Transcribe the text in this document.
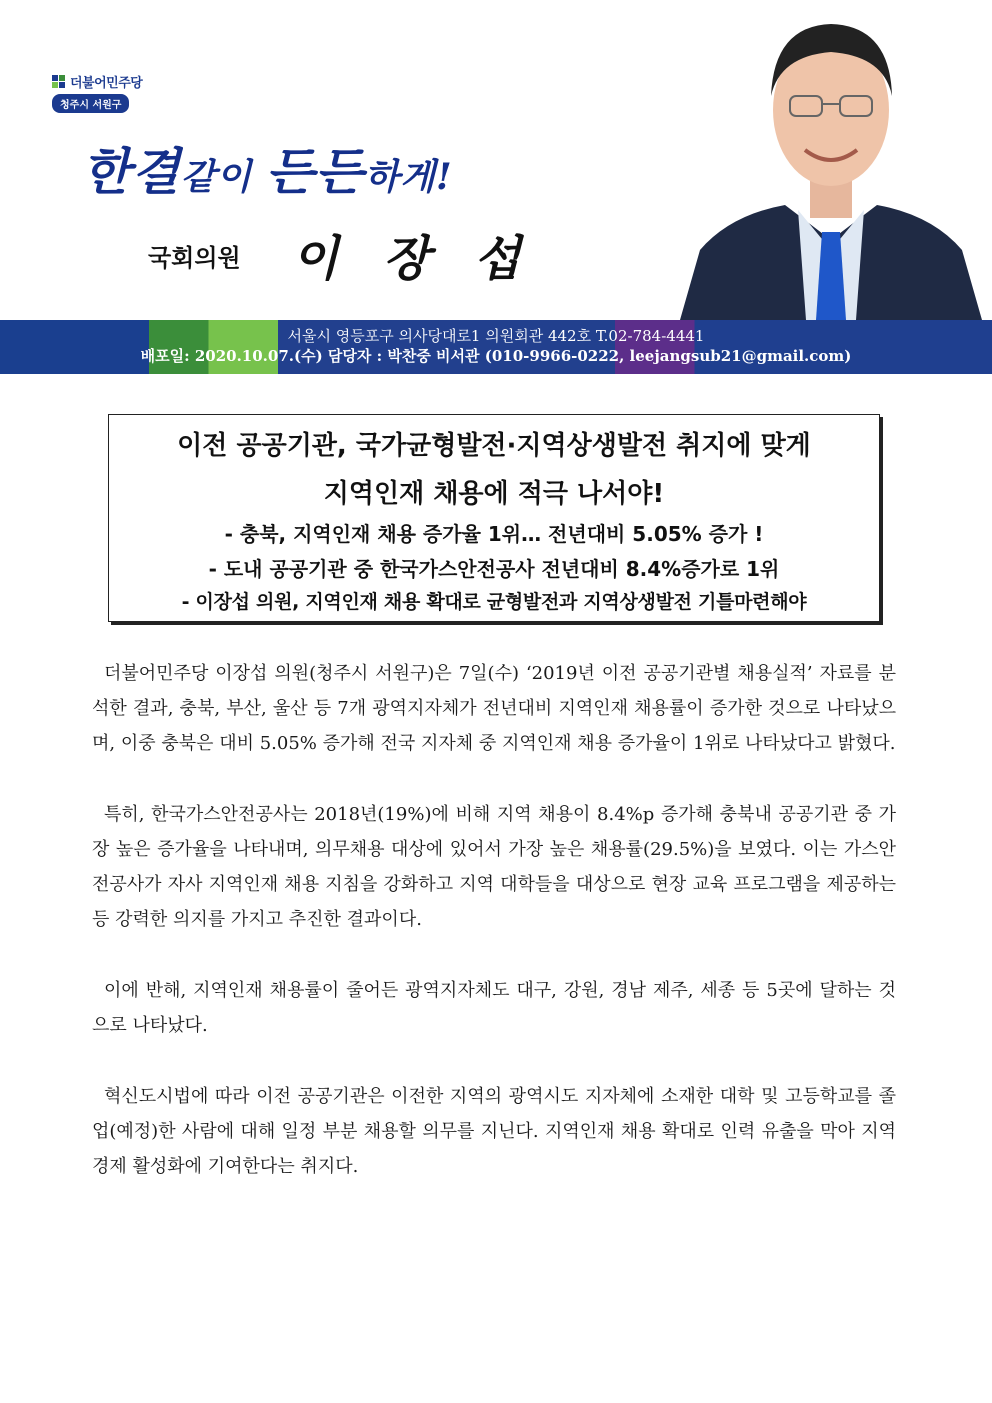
더불어민주당
청주시 서원구
한결같이 든든하게!
국회의원 이 장 섭
서울시 영등포구 의사당대로1 의원회관 442호 T.02-784-4441
배포일: 2020.10.07.(수) 담당자 : 박찬중 비서관 (010-9966-0222, leejangsub21@gmail.com)
이전 공공기관, 국가균형발전·지역상생발전 취지에 맞게
지역인재 채용에 적극 나서야!
- 충북, 지역인재 채용 증가율 1위… 전년대비 5.05% 증가 !
- 도내 공공기관 중 한국가스안전공사 전년대비 8.4%증가로 1위
- 이장섭 의원, 지역인재 채용 확대로 균형발전과 지역상생발전 기틀마련해야

더불어민주당 이장섭 의원(청주시 서원구)은 7일(수) ‘2019년 이전 공공기관별 채용실적’ 자료를 분석한 결과, 충북, 부산, 울산 등 7개 광역지자체가 전년대비 지역인재 채용률이 증가한 것으로 나타났으며, 이중 충북은 대비 5.05% 증가해 전국 지자체 중 지역인재 채용 증가율이 1위로 나타났다고 밝혔다.

특히, 한국가스안전공사는 2018년(19%)에 비해 지역 채용이 8.4%p 증가해 충북내 공공기관 중 가장 높은 증가율을 나타내며, 의무채용 대상에 있어서 가장 높은 채용률(29.5%)을 보였다. 이는 가스안전공사가 자사 지역인재 채용 지침을 강화하고 지역 대학들을 대상으로 현장 교육 프로그램을 제공하는 등 강력한 의지를 가지고 추진한 결과이다.

이에 반해, 지역인재 채용률이 줄어든 광역지자체도 대구, 강원, 경남 제주, 세종 등 5곳에 달하는 것으로 나타났다.

혁신도시법에 따라 이전 공공기관은 이전한 지역의 광역시도 지자체에 소재한 대학 및 고등학교를 졸업(예정)한 사람에 대해 일정 부분 채용할 의무를 지닌다. 지역인재 채용 확대로 인력 유출을 막아 지역경제 활성화에 기여한다는 취지다.
